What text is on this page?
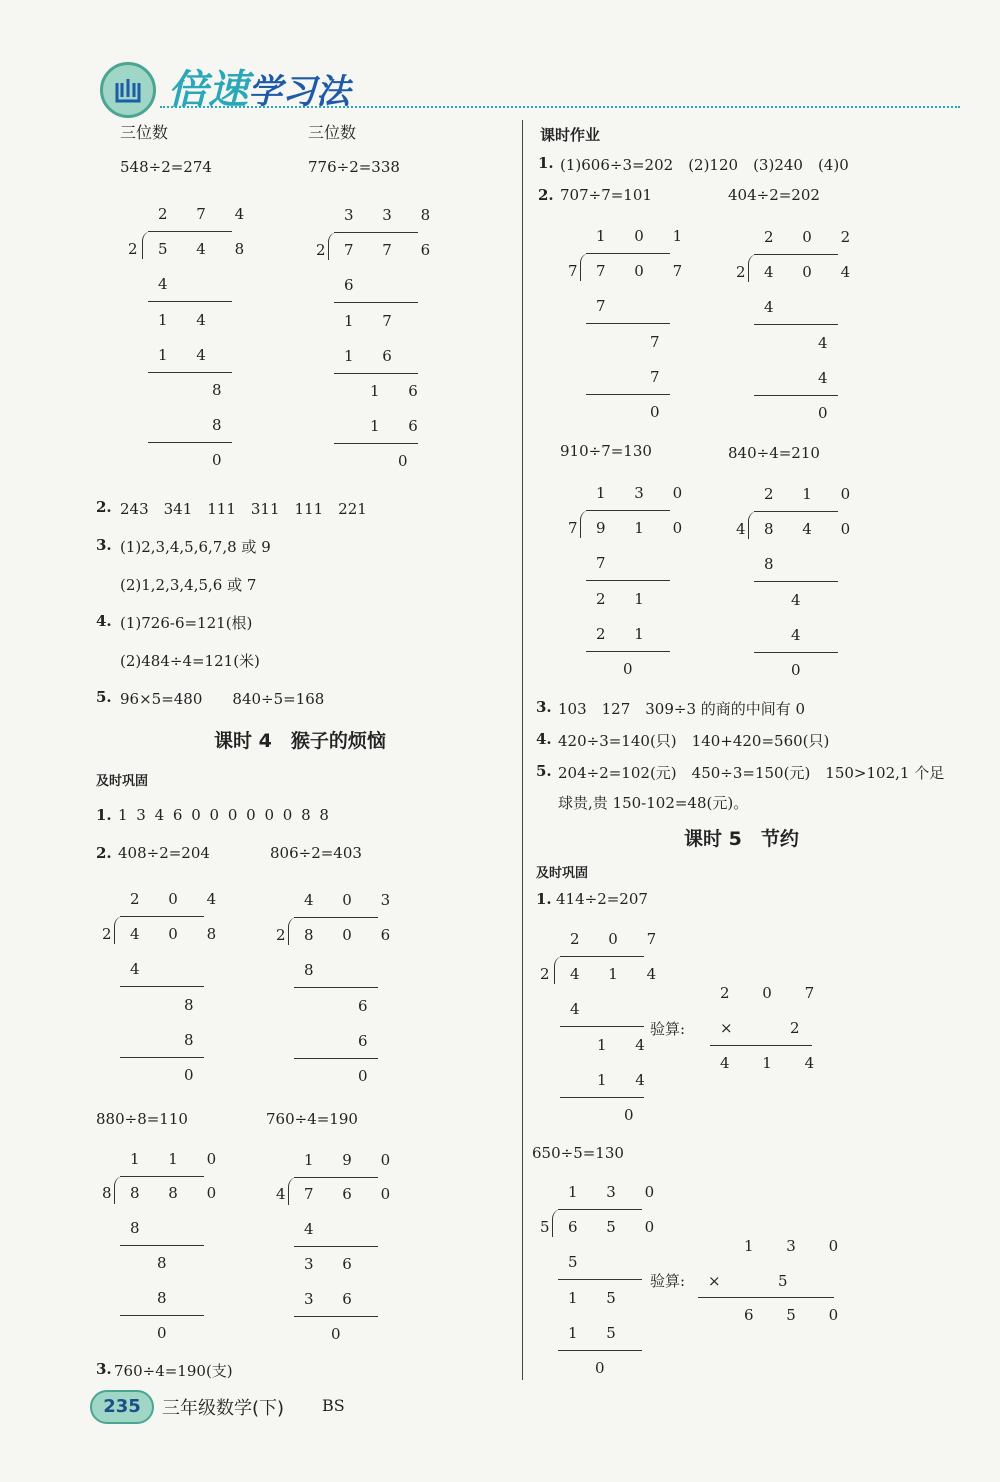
倍速学习法
三位数	三位数
548÷2=274	776÷2=338
2 7 4
2 5 4 8
4
1 4
1 4
8
8
0
3 3 8
2 7 7 6
6
1 7
1 6
1 6
1 6
0
2. 243　341　111　311　111　221
3. (1)2,3,4,5,6,7,8 或 9
(2)1,2,3,4,5,6 或 7
4. (1)726-6=121(根)
(2)484÷4=121(米)
5. 96×5=480　　840÷5=168
课时 4　猴子的烦恼
及时巩固
1. 1 3 4 6 0 0 0 0 0 0 8 8
2. 408÷2=204	806÷2=403
2 0 4
2 4 0 8
4
8
8
0
4 0 3
2 8 0 6
8
6
6
0
880÷8=110	760÷4=190
1 1 0
8 8 8 0
8
8
8
0
1 9 0
4 7 6 0
4
3 6
3 6
0
3. 760÷4=190(支)
课时作业
1. (1)606÷3=202　(2)120　(3)240　(4)0
2. 707÷7=101	404÷2=202
1 0 1
7 7 0 7
7
7
7
0
2 0 2
2 4 0 4
4
4
4
0
910÷7=130	840÷4=210
1 3 0
7 9 1 0
7
2 1
2 1
0
2 1 0
4 8 4 0
8
4
4
0
3. 103　127　309÷3 的商的中间有 0
4. 420÷3=140(只)　140+420=560(只)
5. 204÷2=102(元)　450÷3=150(元)　150>102,1 个足
球贵,贵 150-102=48(元)。
课时 5　节约
及时巩固
1. 414÷2=207
2 0 7
2 4 1 4
4
1 4
1 4
0
验算:
2 0 7
×	2
4 1 4
650÷5=130
1 3 0
5 6 5 0
5
1 5
1 5
0
验算:
1 3 0
×	5
6 5 0
235	三年级数学(下) BS
